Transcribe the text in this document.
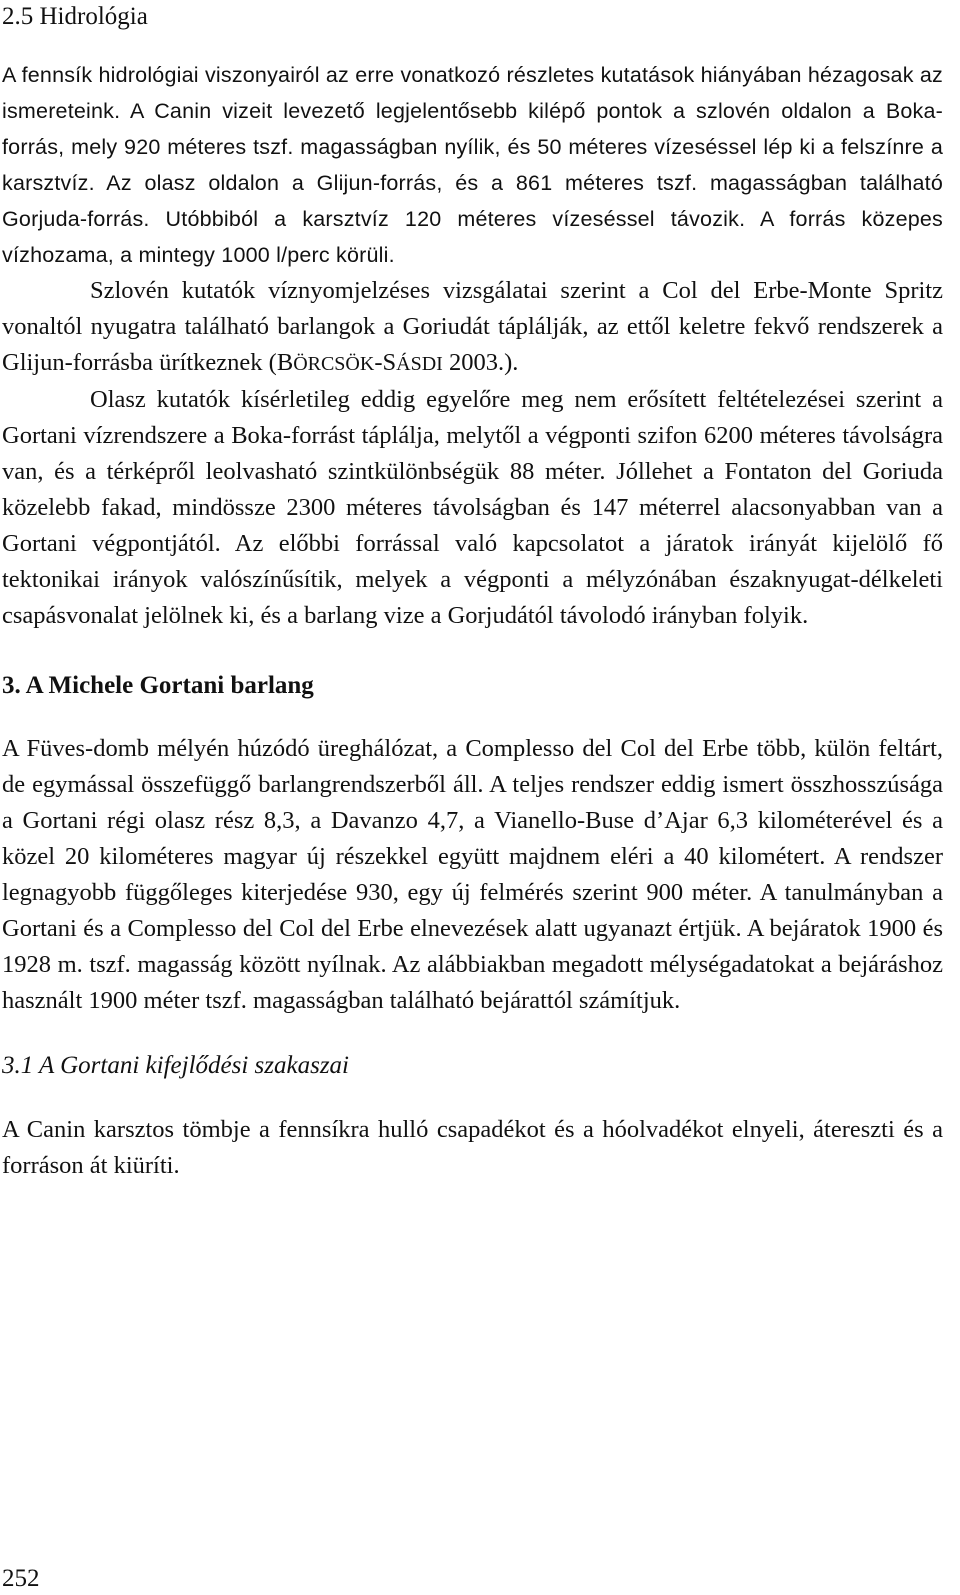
2.5 Hidrológia

A fennsík hidrológiai viszonyairól az erre vonatkozó részletes kutatások hiányában hézagosak az ismereteink. A Canin vizeit levezető legjelentősebb kilépő pontok a szlovén oldalon a Boka-forrás, mely 920 méteres tszf. magasságban nyílik, és 50 méteres vízeséssel lép ki a felszínre a karsztvíz. Az olasz oldalon a Glijun-forrás, és a 861 méteres tszf. magasságban található Gorjuda-forrás. Utóbbiból a karsztvíz 120 méteres vízeséssel távozik. A forrás közepes vízhozama, a mintegy 1000 l/perc körüli.

Szlovén kutatók víznyomjelzéses vizsgálatai szerint a Col del Erbe-Monte Spritz vonaltól nyugatra található barlangok a Goriudát táplálják, az ettől keletre fekvő rendszerek a Glijun-forrásba ürítkeznek (BÖRCSÖK-SÁSDI 2003.).

Olasz kutatók kísérletileg eddig egyelőre meg nem erősített feltételezései szerint a Gortani vízrendszere a Boka-forrást táplálja, melytől a végponti szifon 6200 méteres távolságra van, és a térképről leolvasható szintkülönbségük 88 méter. Jóllehet a Fontaton del Goriuda közelebb fakad, mindössze 2300 méteres távolságban és 147 méterrel alacsonyabban van a Gortani végpontjától. Az előbbi forrással való kapcsolatot a járatok irányát kijelölő fő tektonikai irányok valószínűsítik, melyek a végponti a mélyzónában északnyugat-délkeleti csapásvonalat jelölnek ki, és a barlang vize a Gorjudától távolodó irányban folyik.

3. A Michele Gortani barlang

A Füves-domb mélyén húzódó üreghálózat, a Complesso del Col del Erbe több, külön feltárt, de egymással összefüggő barlangrendszerből áll. A teljes rendszer eddig ismert összhosszúsága a Gortani régi olasz rész 8,3, a Davanzo 4,7, a Vianello-Buse d’Ajar 6,3 kilométerével és a közel 20 kilométeres magyar új részekkel együtt majdnem eléri a 40 kilométert. A rendszer legnagyobb függőleges kiterjedése 930, egy új felmérés szerint 900 méter. A tanulmányban a Gortani és a Complesso del Col del Erbe elnevezések alatt ugyanazt értjük. A bejáratok 1900 és 1928 m. tszf. magasság között nyílnak. Az alábbiakban megadott mélységadatokat a bejáráshoz használt 1900 méter tszf. magasságban található bejárattól számítjuk.

3.1 A Gortani kifejlődési szakaszai

A Canin karsztos tömbje a fennsíkra hulló csapadékot és a hóolvadékot elnyeli, átereszti és a forráson át kiüríti.

252
